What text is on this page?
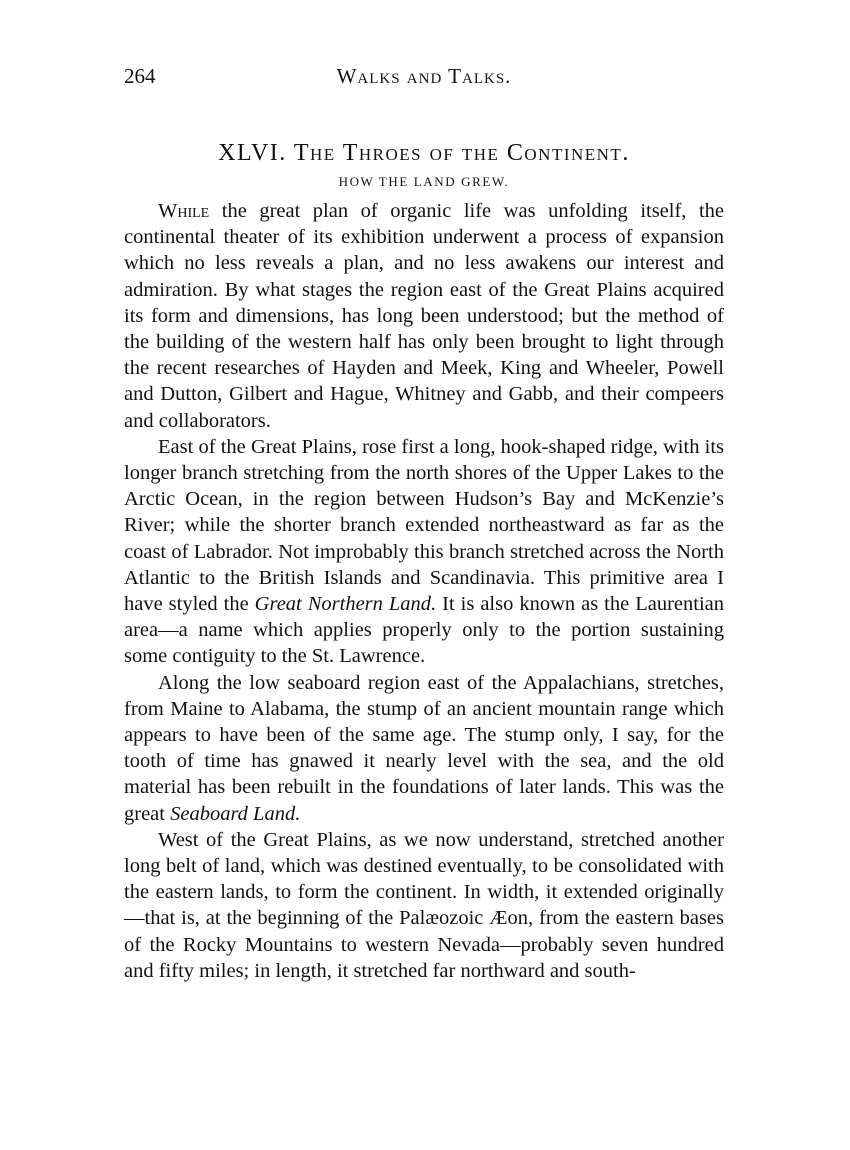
264	Walks and Talks.
XLVI. The Throes of the Continent.
HOW THE LAND GREW.

While the great plan of organic life was unfolding itself, the continental theater of its exhibition underwent a process of expansion which no less reveals a plan, and no less awakens our interest and admiration. By what stages the region east of the Great Plains acquired its form and dimensions, has long been understood; but the method of the building of the western half has only been brought to light through the recent researches of Hayden and Meek, King and Wheeler, Powell and Dutton, Gilbert and Hague, Whitney and Gabb, and their compeers and collaborators.

East of the Great Plains, rose first a long, hook-shaped ridge, with its longer branch stretching from the north shores of the Upper Lakes to the Arctic Ocean, in the region between Hudson’s Bay and McKenzie’s River; while the shorter branch extended northeastward as far as the coast of Labrador. Not improbably this branch stretched across the North Atlantic to the British Islands and Scandinavia. This primitive area I have styled the Great Northern Land. It is also known as the Laurentian area—a name which applies properly only to the portion sustaining some contiguity to the St. Lawrence.

Along the low seaboard region east of the Appalachians, stretches, from Maine to Alabama, the stump of an ancient mountain range which appears to have been of the same age. The stump only, I say, for the tooth of time has gnawed it nearly level with the sea, and the old material has been rebuilt in the foundations of later lands. This was the great Seaboard Land.

West of the Great Plains, as we now understand, stretched another long belt of land, which was destined eventually, to be consolidated with the eastern lands, to form the continent. In width, it extended originally—that is, at the beginning of the Palæozoic Æon, from the eastern bases of the Rocky Mountains to western Nevada—probably seven hundred and fifty miles; in length, it stretched far northward and south-
